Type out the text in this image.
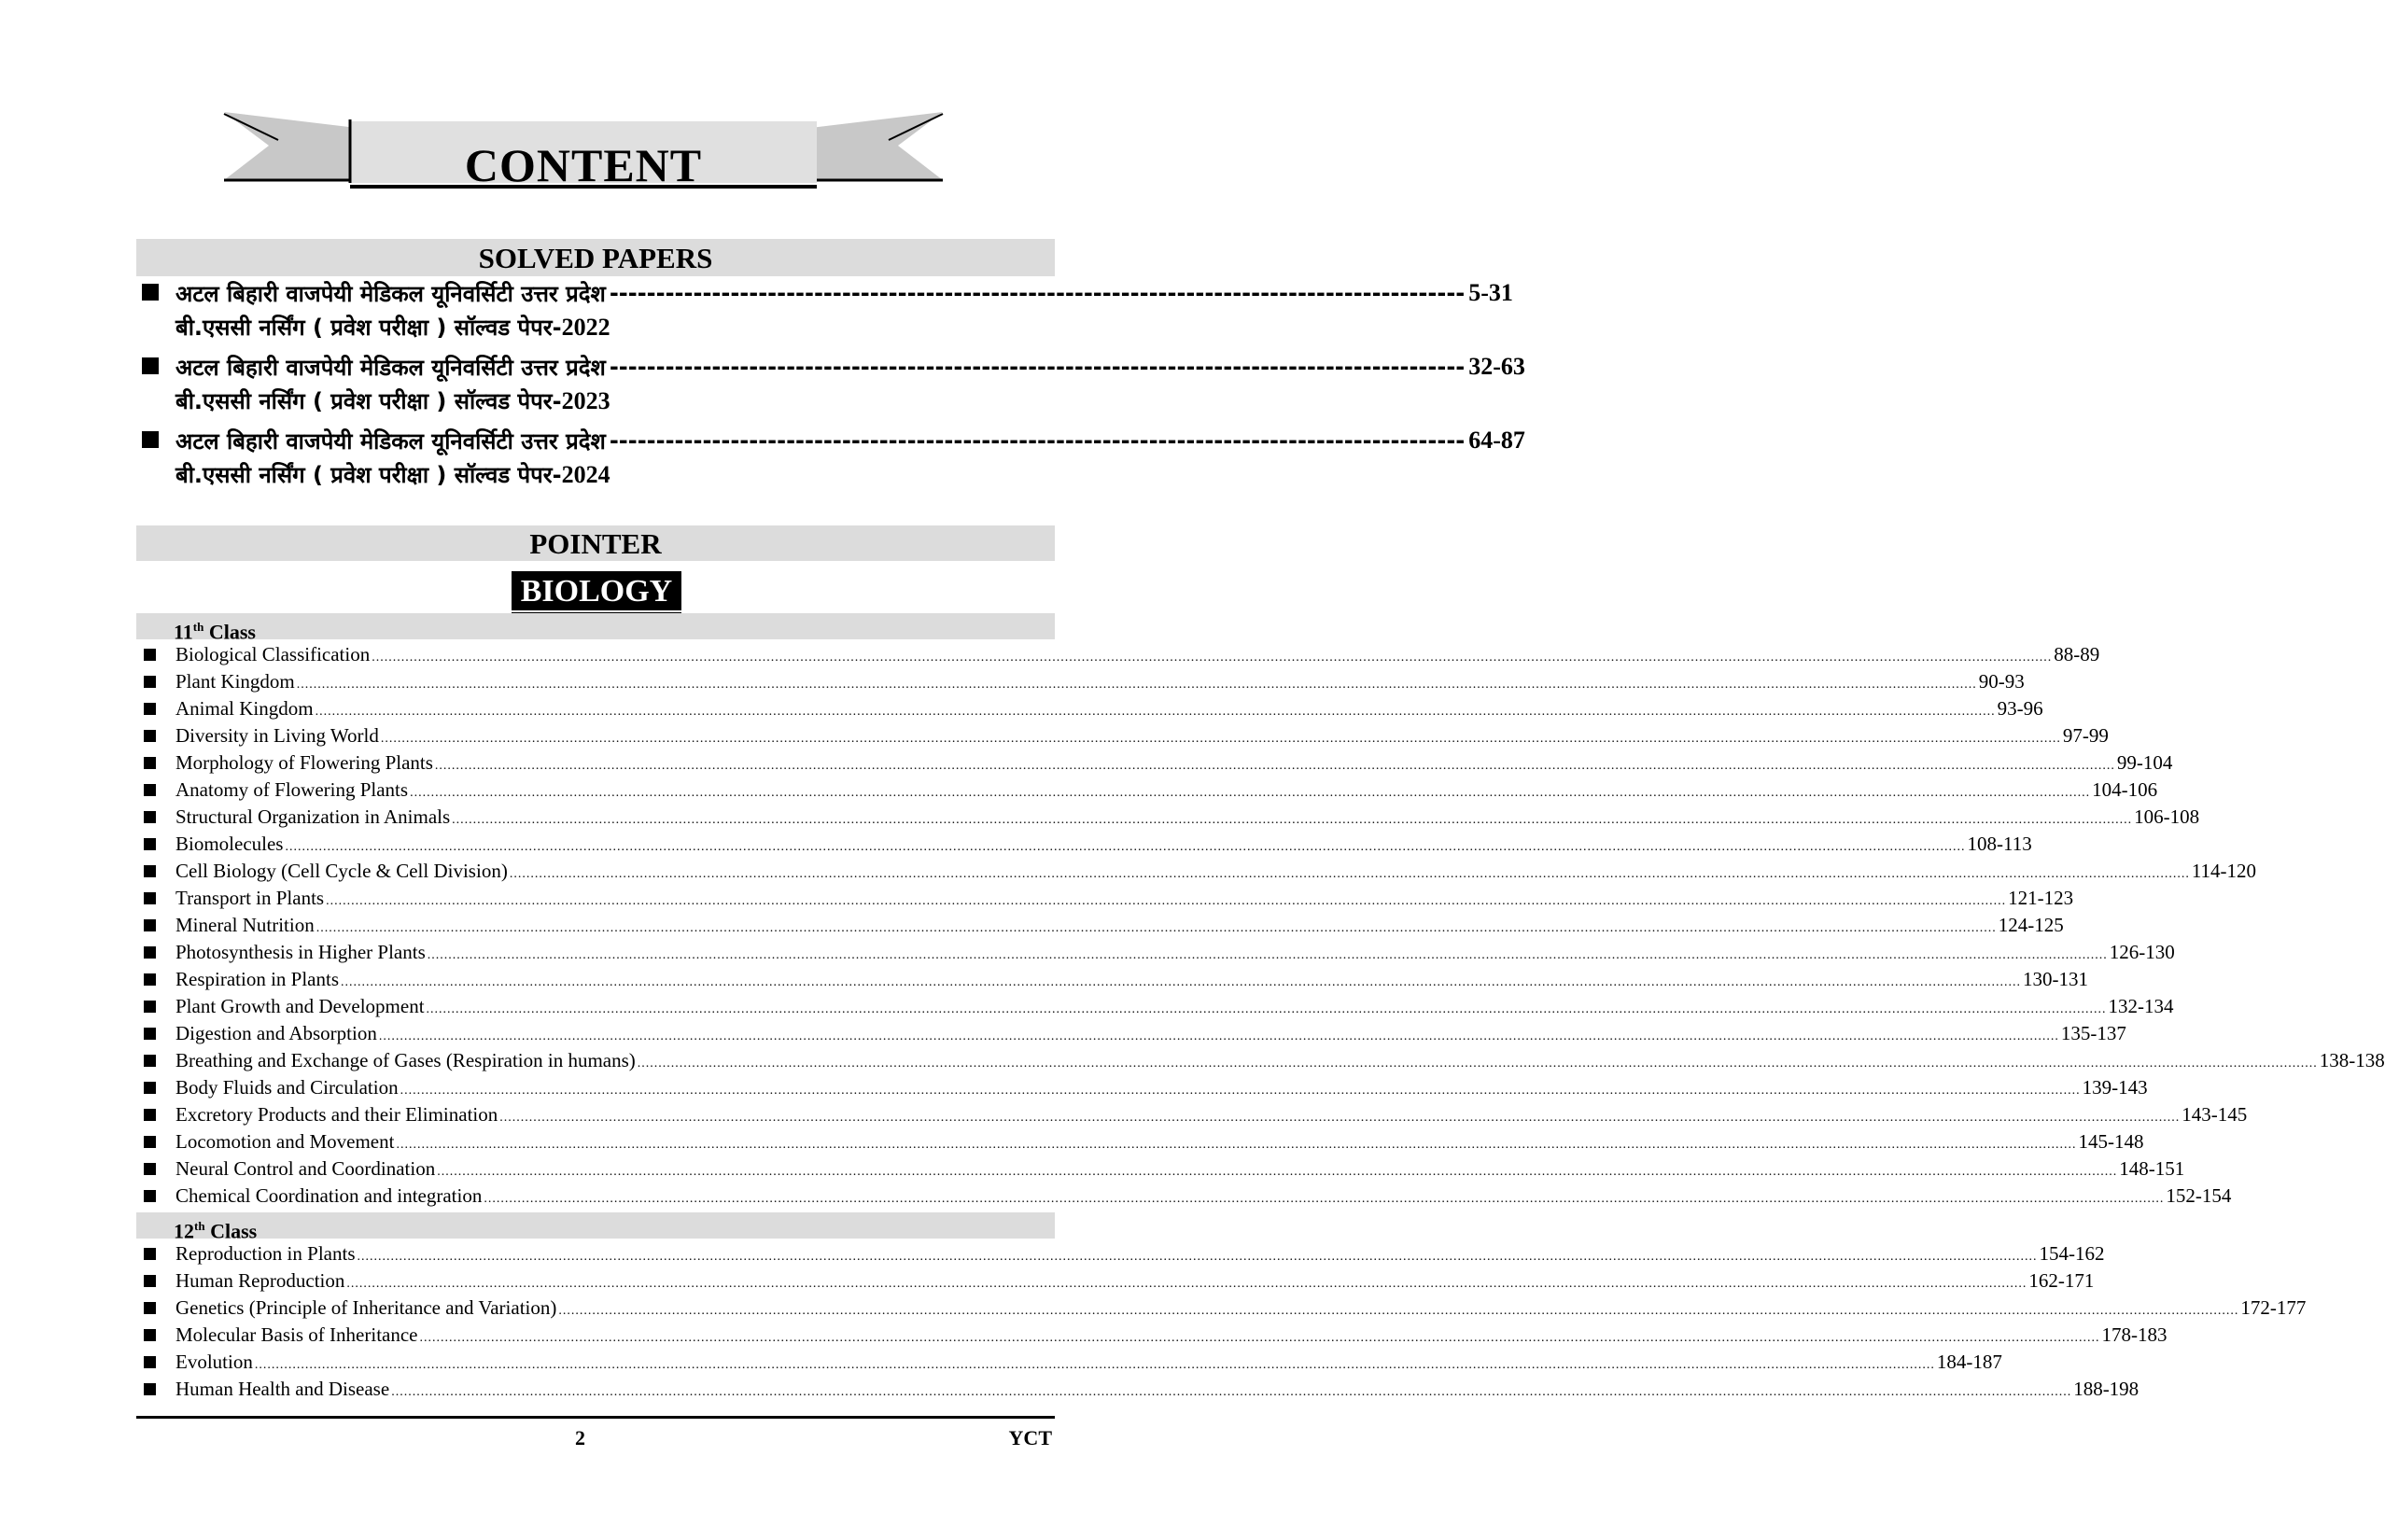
CONTENT
SOLVED PAPERS
अटल बिहारी वाजपेयी मेडिकल यूनिवर्सिटी उत्तर प्रदेश -------------------------------------------------------------------------------------------- 5-31
बी.एससी नर्सिंग ( प्रवेश परीक्षा ) सॉल्वड पेपर-2022
अटल बिहारी वाजपेयी मेडिकल यूनिवर्सिटी उत्तर प्रदेश -------------------------------------------------------------------------------------------- 32-63
बी.एससी नर्सिंग ( प्रवेश परीक्षा ) सॉल्वड पेपर-2023
अटल बिहारी वाजपेयी मेडिकल यूनिवर्सिटी उत्तर प्रदेश -------------------------------------------------------------------------------------------- 64-87
बी.एससी नर्सिंग ( प्रवेश परीक्षा ) सॉल्वड पेपर-2024
POINTER
BIOLOGY
11th Class
Biological Classification ................................................................................................................................................................................................................................................................................................................................................................................................................ 88-89
Plant Kingdom ................................................................................................................................................................................................................................................................................................................................................................................................................ 90-93
Animal Kingdom ................................................................................................................................................................................................................................................................................................................................................................................................................ 93-96
Diversity in Living World ................................................................................................................................................................................................................................................................................................................................................................................................................ 97-99
Morphology of Flowering Plants ................................................................................................................................................................................................................................................................................................................................................................................................................ 99-104
Anatomy of Flowering Plants ................................................................................................................................................................................................................................................................................................................................................................................................................ 104-106
Structural Organization in Animals ................................................................................................................................................................................................................................................................................................................................................................................................................ 106-108
Biomolecules ................................................................................................................................................................................................................................................................................................................................................................................................................ 108-113
Cell Biology (Cell Cycle & Cell Division) ................................................................................................................................................................................................................................................................................................................................................................................................................ 114-120
Transport in Plants ................................................................................................................................................................................................................................................................................................................................................................................................................ 121-123
Mineral Nutrition ................................................................................................................................................................................................................................................................................................................................................................................................................ 124-125
Photosynthesis in Higher Plants ................................................................................................................................................................................................................................................................................................................................................................................................................ 126-130
Respiration in Plants ................................................................................................................................................................................................................................................................................................................................................................................................................ 130-131
Plant Growth and Development ................................................................................................................................................................................................................................................................................................................................................................................................................ 132-134
Digestion and Absorption ................................................................................................................................................................................................................................................................................................................................................................................................................ 135-137
Breathing and Exchange of Gases (Respiration in humans) ................................................................................................................................................................................................................................................................................................................................................................................................................ 138-138
Body Fluids and Circulation ................................................................................................................................................................................................................................................................................................................................................................................................................ 139-143
Excretory Products and their Elimination ................................................................................................................................................................................................................................................................................................................................................................................................................ 143-145
Locomotion and Movement ................................................................................................................................................................................................................................................................................................................................................................................................................ 145-148
Neural Control and Coordination ................................................................................................................................................................................................................................................................................................................................................................................................................ 148-151
Chemical Coordination and integration ................................................................................................................................................................................................................................................................................................................................................................................................................ 152-154
12th Class
Reproduction in Plants ................................................................................................................................................................................................................................................................................................................................................................................................................ 154-162
Human Reproduction ................................................................................................................................................................................................................................................................................................................................................................................................................ 162-171
Genetics (Principle of Inheritance and Variation) ................................................................................................................................................................................................................................................................................................................................................................................................................ 172-177
Molecular Basis of Inheritance ................................................................................................................................................................................................................................................................................................................................................................................................................ 178-183
Evolution ................................................................................................................................................................................................................................................................................................................................................................................................................ 184-187
Human Health and Disease ................................................................................................................................................................................................................................................................................................................................................................................................................ 188-198
2	YCT
